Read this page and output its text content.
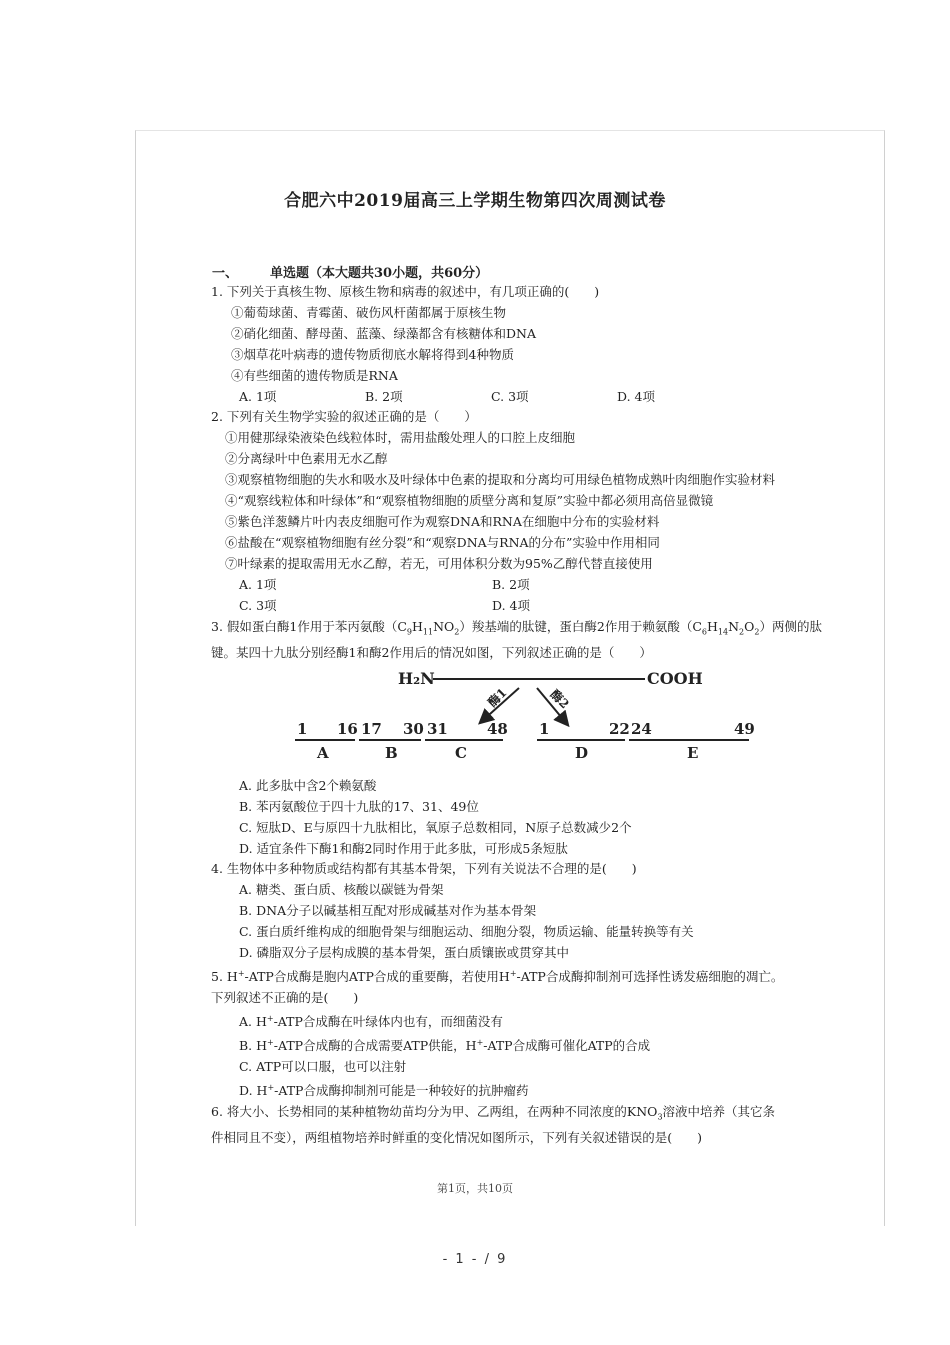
合肥六中2019届高三上学期生物第四次周测试卷
一、 单选题（本大题共30小题，共60分）
1. 下列关于真核生物、原核生物和病毒的叙述中，有几项正确的(　　)
①葡萄球菌、青霉菌、破伤风杆菌都属于原核生物
②硝化细菌、酵母菌、蓝藻、绿藻都含有核糖体和DNA
③烟草花叶病毒的遗传物质彻底水解将得到4种物质
④有些细菌的遗传物质是RNA
A. 1项	B. 2项	C. 3项	D. 4项
2. 下列有关生物学实验的叙述正确的是（　　）
①用健那绿染液染色线粒体时，需用盐酸处理人的口腔上皮细胞
②分离绿叶中色素用无水乙醇
③观察植物细胞的失水和吸水及叶绿体中色素的提取和分离均可用绿色植物成熟叶肉细胞作实验材料
④“观察线粒体和叶绿体”和“观察植物细胞的质壁分离和复原”实验中都必须用高倍显微镜
⑤紫色洋葱鳞片叶内表皮细胞可作为观察DNA和RNA在细胞中分布的实验材料
⑥盐酸在“观察植物细胞有丝分裂”和“观察DNA与RNA的分布”实验中作用相同
⑦叶绿素的提取需用无水乙醇，若无，可用体积分数为95%乙醇代替直接使用
A. 1项	B. 2项
C. 3项	D. 4项
3. 假如蛋白酶1作用于苯丙氨酸$(C_9H_{11}NO_2)$羧基端的肽键，蛋白酶2作用于赖氨酸$(C_6H_{14}N_2O_2)$两侧的肽键。某四十九肽分别经酶1和酶2作用后的情况如图，下列叙述正确的是（　　）
H₂N	COOH
酶1	酶2
1 16 17 30 31	48 1	22 24	49
A	B	C	D	E
A. 此多肽中含2个赖氨酸
B. 苯丙氨酸位于四十九肽的17、31、49位
C. 短肽D、E与原四十九肽相比，氧原子总数相同，N原子总数减少2个
D. 适宜条件下酶1和酶2同时作用于此多肽，可形成5条短肽
4. 生物体中多种物质或结构都有其基本骨架，下列有关说法不合理的是(　　)
A. 糖类、蛋白质、核酸以碳链为骨架
B. DNA分子以碱基相互配对形成碱基对作为基本骨架
C. 蛋白质纤维构成的细胞骨架与细胞运动、细胞分裂，物质运输、能量转换等有关
D. 磷脂双分子层构成膜的基本骨架，蛋白质镶嵌或贯穿其中
5. H+-ATP合成酶是胞内ATP合成的重要酶，若使用H+-ATP合成酶抑制剂可选择性诱发癌细胞的凋亡。
下列叙述不正确的是(　　)
A. H+-ATP合成酶在叶绿体内也有，而细菌没有
B. H+-ATP合成酶的合成需要ATP供能，H+-ATP合成酶可催化ATP的合成
C. ATP可以口服，也可以注射
D. H+-ATP合成酶抑制剂可能是一种较好的抗肿瘤药
6. 将大小、长势相同的某种植物幼苗均分为甲、乙两组，在两种不同浓度的$KNO_3$溶液中培养（其它条
件相同且不变），两组植物培养时鲜重的变化情况如图所示，下列有关叙述错误的是(　　)
第1页，共10页
- 1 - / 9
